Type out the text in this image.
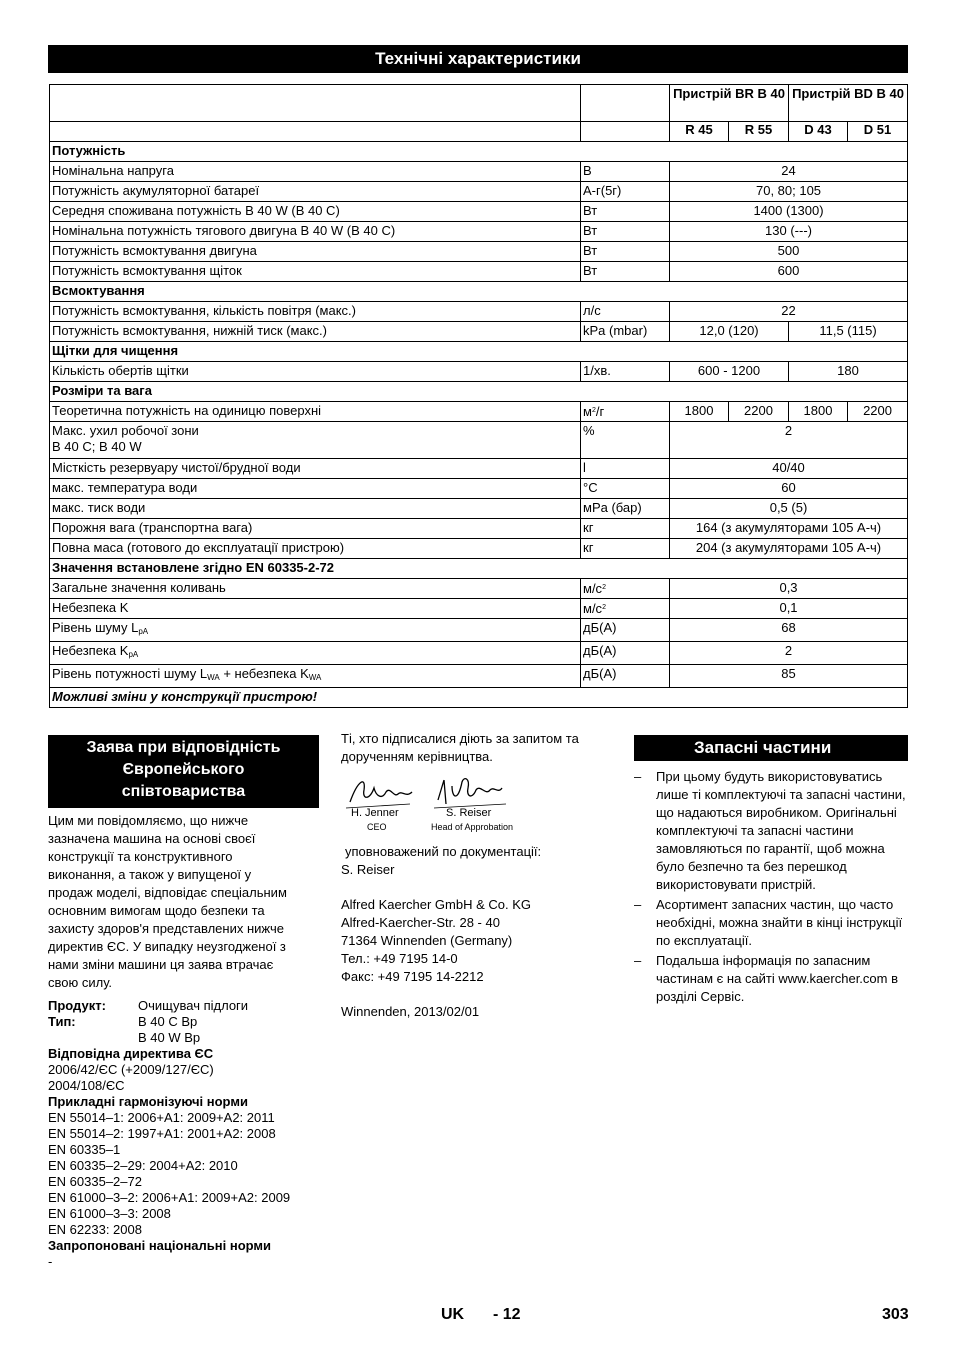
Технічні характеристики
		Пристрій BR B 40		Пристрій BD B 40	
		R 45	R 55	D 43	D 51
Потужність					
Номінальна напруга	В	24			
Потужність акумуляторної батареї	А-г(5г)	70, 80; 105			
Середня споживана потужність B 40 W (B 40 C)	Вт	1400 (1300)			
Номінальна потужність тягового двигуна B 40 W (B 40 C)	Вт	130 (---)			
Потужність всмоктування двигуна	Вт	500			
Потужність всмоктування щіток	Вт	600			
Всмоктування					
Потужність всмоктування, кількість повітря (макс.)	л/с	22			
Потужність всмоктування, нижній тиск (макс.)	kPa (mbar)	12,0 (120)		11,5 (115)	
Щітки для чищення					
Кількість обертів щітки	1/хв.	600 - 1200		180	
Розміри та вага					
Теоретична потужність на одиницю поверхні	$м^2/г$	1800	2200	1800	2200
Макс. ухил робочої зони
B 40 C; B 40 W	%	2			
Місткість резервуару чистої/брудної води	l	40/40			
макс. температура води	°C	60			
макс. тиск води	мPa (бар)	0,5 (5)			
Порожня вага (транспортна вага)	кг	164 (з акумуляторами 105 А-ч)			
Повна маса (готового до експлуатації пристрою)	кг	204 (з акумуляторами 105 А-ч)			
Значення встановлене згідно EN 60335-2-72					
Загальне значення коливань	$м/с^2$	0,3			
Небезпека K	$м/с^2$	0,1			
Рівень шуму $L_{pA}$	дБ(А)	68			
Небезпека $K_{pA}$	дБ(А)	2			
Рівень потужності шуму $L_{WA}$ + небезпека $K_{WA}$	дБ(А)	85			
Можливі зміни у конструкції пристрою!					
Заява при відповідність
Європейського
співтовариства
Цим ми повідомляємо, що нижче
зазначена машина на основі своєї
конструкції та конструктивного
виконання, а також у випущеної у
продаж моделі, відповідає спеціальним
основним вимогам щодо безпеки та
захисту здоров'я представлених нижче
директив ЄС. У випадку неузгодженої з
нами зміни машини ця заява втрачає
свою силу.
Продукт:	Очищувач підлоги
Тип:	B 40 C Bp
B 40 W Bp
Відповідна директива ЄС
2006/42/ЄС (+2009/127/ЄС)
2004/108/ЄС
Прикладні гармонізуючі норми
EN 55014–1: 2006+A1: 2009+A2: 2011
EN 55014–2: 1997+A1: 2001+A2: 2008
EN 60335–1
EN 60335–2–29: 2004+A2: 2010
EN 60335–2–72
EN 61000–3–2: 2006+A1: 2009+A2: 2009
EN 61000–3–3: 2008
EN 62233: 2008
Запропоновані національні норми
-
Ті, хто підписалися діють за запитом та
дорученням керівництва.
H. Jenner
CEO
S. Reiser
Head of Approbation
уповноважений по документації:
S. Reiser
Alfred Kaercher GmbH & Co. KG
Alfred-Kaercher-Str. 28 - 40
71364 Winnenden (Germany)
Тел.: +49 7195 14-0
Факс: +49 7195 14-2212
Winnenden, 2013/02/01
Запасні частини
– При цьому будуть використовуватись лише ті комплектуючі та запасні частини, що надаються виробником. Оригінальні комплектуючі та запасні частини замовляються по гарантії, щоб можна було безпечно та без перешкод використовувати пристрій.
– Асортимент запасних частин, що часто необхідні, можна знайти в кінці інструкції по експлуатації.
– Подальша інформація по запасним частинам є на сайті www.kaercher.com в розділі Сервіс.
UK - 12	303
